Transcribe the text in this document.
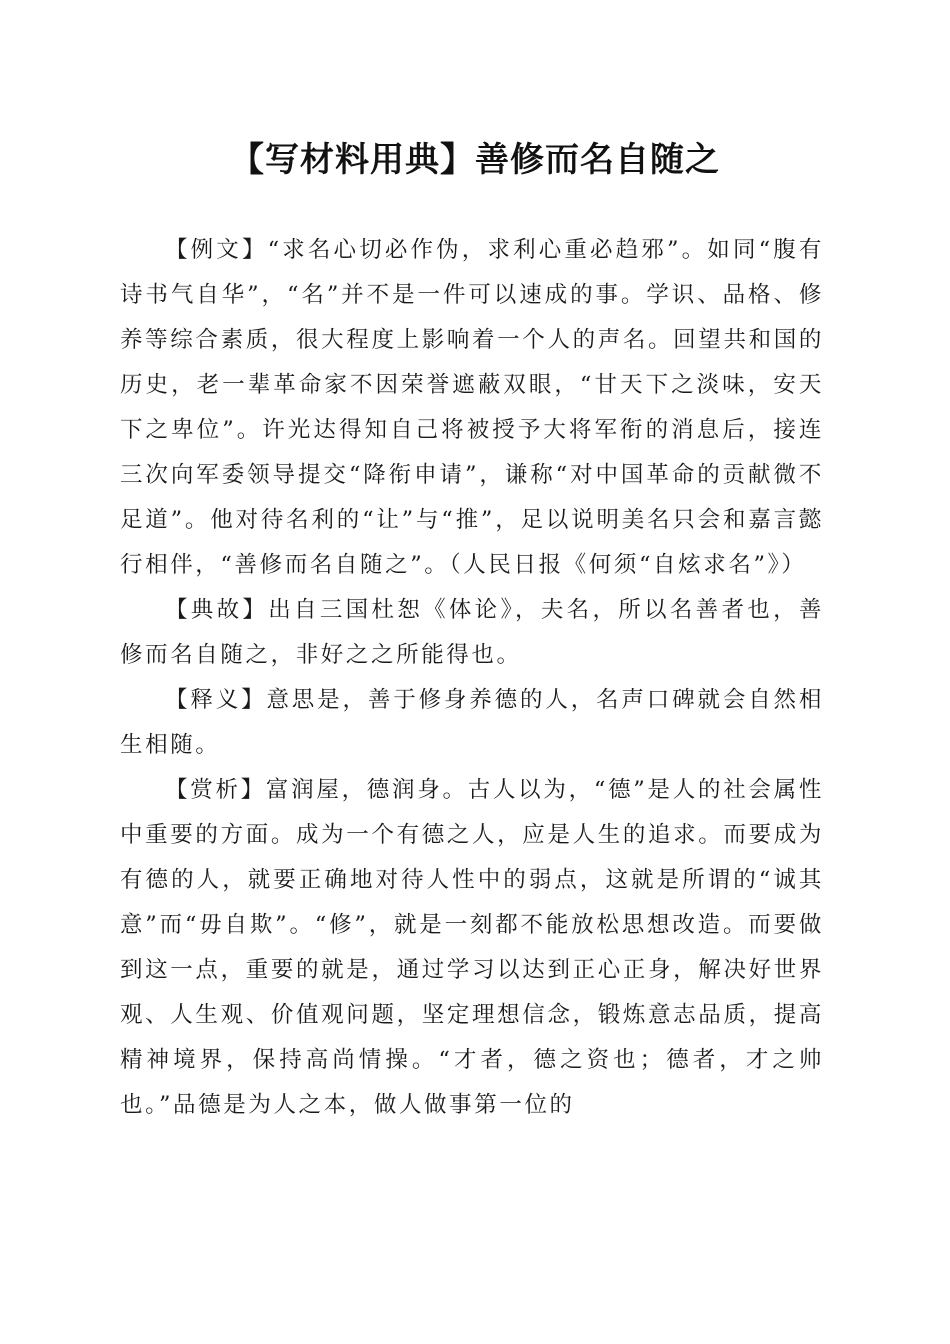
【写材料用典】善修而名自随之

【例文】“求名心切必作伪，求利心重必趋邪”。如同“腹有诗书气自华”，“名”并不是一件可以速成的事。学识、品格、修养等综合素质，很大程度上影响着一个人的声名。回望共和国的历史，老一辈革命家不因荣誉遮蔽双眼，“甘天下之淡味，安天下之卑位”。许光达得知自己将被授予大将军衔的消息后，接连三次向军委领导提交“降衔申请”，谦称“对中国革命的贡献微不足道”。他对待名利的“让”与“推”，足以说明美名只会和嘉言懿行相伴，“善修而名自随之”。（人民日报《何须“自炫求名”》）

【典故】出自三国杜恕《体论》，夫名，所以名善者也，善修而名自随之，非好之之所能得也。

【释义】意思是，善于修身养德的人，名声口碑就会自然相生相随。

【赏析】富润屋，德润身。古人以为，“德”是人的社会属性中重要的方面。成为一个有德之人，应是人生的追求。而要成为有德的人，就要正确地对待人性中的弱点，这就是所谓的“诚其意”而“毋自欺”。“修”，就是一刻都不能放松思想改造。而要做到这一点，重要的就是，通过学习以达到正心正身，解决好世界观、人生观、价值观问题，坚定理想信念，锻炼意志品质，提高精神境界，保持高尚情操。“才者，德之资也；德者，才之帅也。”品德是为人之本，做人做事第一位的
